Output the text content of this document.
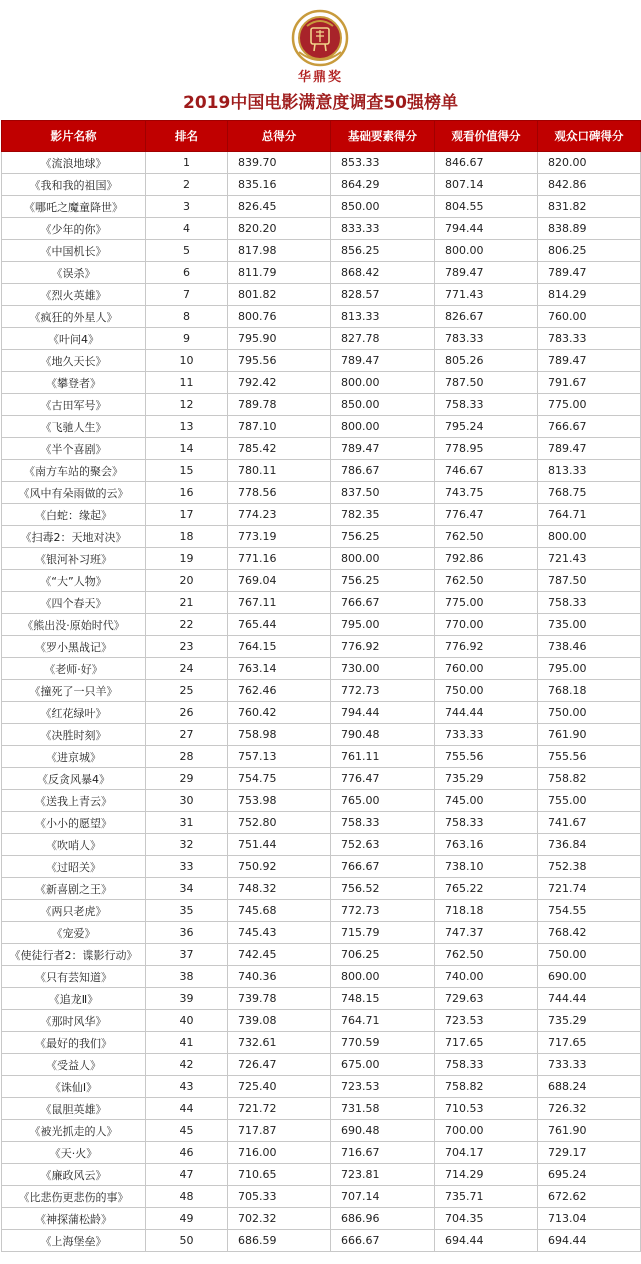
华鼎奖
2019中国电影满意度调查50强榜单
影片名称	排名	总得分	基础要素得分	观看价值得分	观众口碑得分
《流浪地球》	1	839.70	853.33	846.67	820.00
《我和我的祖国》	2	835.16	864.29	807.14	842.86
《哪吒之魔童降世》	3	826.45	850.00	804.55	831.82
《少年的你》	4	820.20	833.33	794.44	838.89
《中国机长》	5	817.98	856.25	800.00	806.25
《误杀》	6	811.79	868.42	789.47	789.47
《烈火英雄》	7	801.82	828.57	771.43	814.29
《疯狂的外星人》	8	800.76	813.33	826.67	760.00
《叶问4》	9	795.90	827.78	783.33	783.33
《地久天长》	10	795.56	789.47	805.26	789.47
《攀登者》	11	792.42	800.00	787.50	791.67
《古田军号》	12	789.78	850.00	758.33	775.00
《飞驰人生》	13	787.10	800.00	795.24	766.67
《半个喜剧》	14	785.42	789.47	778.95	789.47
《南方车站的聚会》	15	780.11	786.67	746.67	813.33
《风中有朵雨做的云》	16	778.56	837.50	743.75	768.75
《白蛇：缘起》	17	774.23	782.35	776.47	764.71
《扫毒2：天地对决》	18	773.19	756.25	762.50	800.00
《银河补习班》	19	771.16	800.00	792.86	721.43
《“大”人物》	20	769.04	756.25	762.50	787.50
《四个春天》	21	767.11	766.67	775.00	758.33
《熊出没·原始时代》	22	765.44	795.00	770.00	735.00
《罗小黑战记》	23	764.15	776.92	776.92	738.46
《老师·好》	24	763.14	730.00	760.00	795.00
《撞死了一只羊》	25	762.46	772.73	750.00	768.18
《红花绿叶》	26	760.42	794.44	744.44	750.00
《决胜时刻》	27	758.98	790.48	733.33	761.90
《进京城》	28	757.13	761.11	755.56	755.56
《反贪风暴4》	29	754.75	776.47	735.29	758.82
《送我上青云》	30	753.98	765.00	745.00	755.00
《小小的愿望》	31	752.80	758.33	758.33	741.67
《吹哨人》	32	751.44	752.63	763.16	736.84
《过昭关》	33	750.92	766.67	738.10	752.38
《新喜剧之王》	34	748.32	756.52	765.22	721.74
《两只老虎》	35	745.68	772.73	718.18	754.55
《宠爱》	36	745.43	715.79	747.37	768.42
《使徒行者2：谍影行动》	37	742.45	706.25	762.50	750.00
《只有芸知道》	38	740.36	800.00	740.00	690.00
《追龙Ⅱ》	39	739.78	748.15	729.63	744.44
《那时风华》	40	739.08	764.71	723.53	735.29
《最好的我们》	41	732.61	770.59	717.65	717.65
《受益人》	42	726.47	675.00	758.33	733.33
《诛仙Ⅰ》	43	725.40	723.53	758.82	688.24
《鼠胆英雄》	44	721.72	731.58	710.53	726.32
《被光抓走的人》	45	717.87	690.48	700.00	761.90
《天·火》	46	716.00	716.67	704.17	729.17
《廉政风云》	47	710.65	723.81	714.29	695.24
《比悲伤更悲伤的事》	48	705.33	707.14	735.71	672.62
《神探蒲松龄》	49	702.32	686.96	704.35	713.04
《上海堡垒》	50	686.59	666.67	694.44	694.44
